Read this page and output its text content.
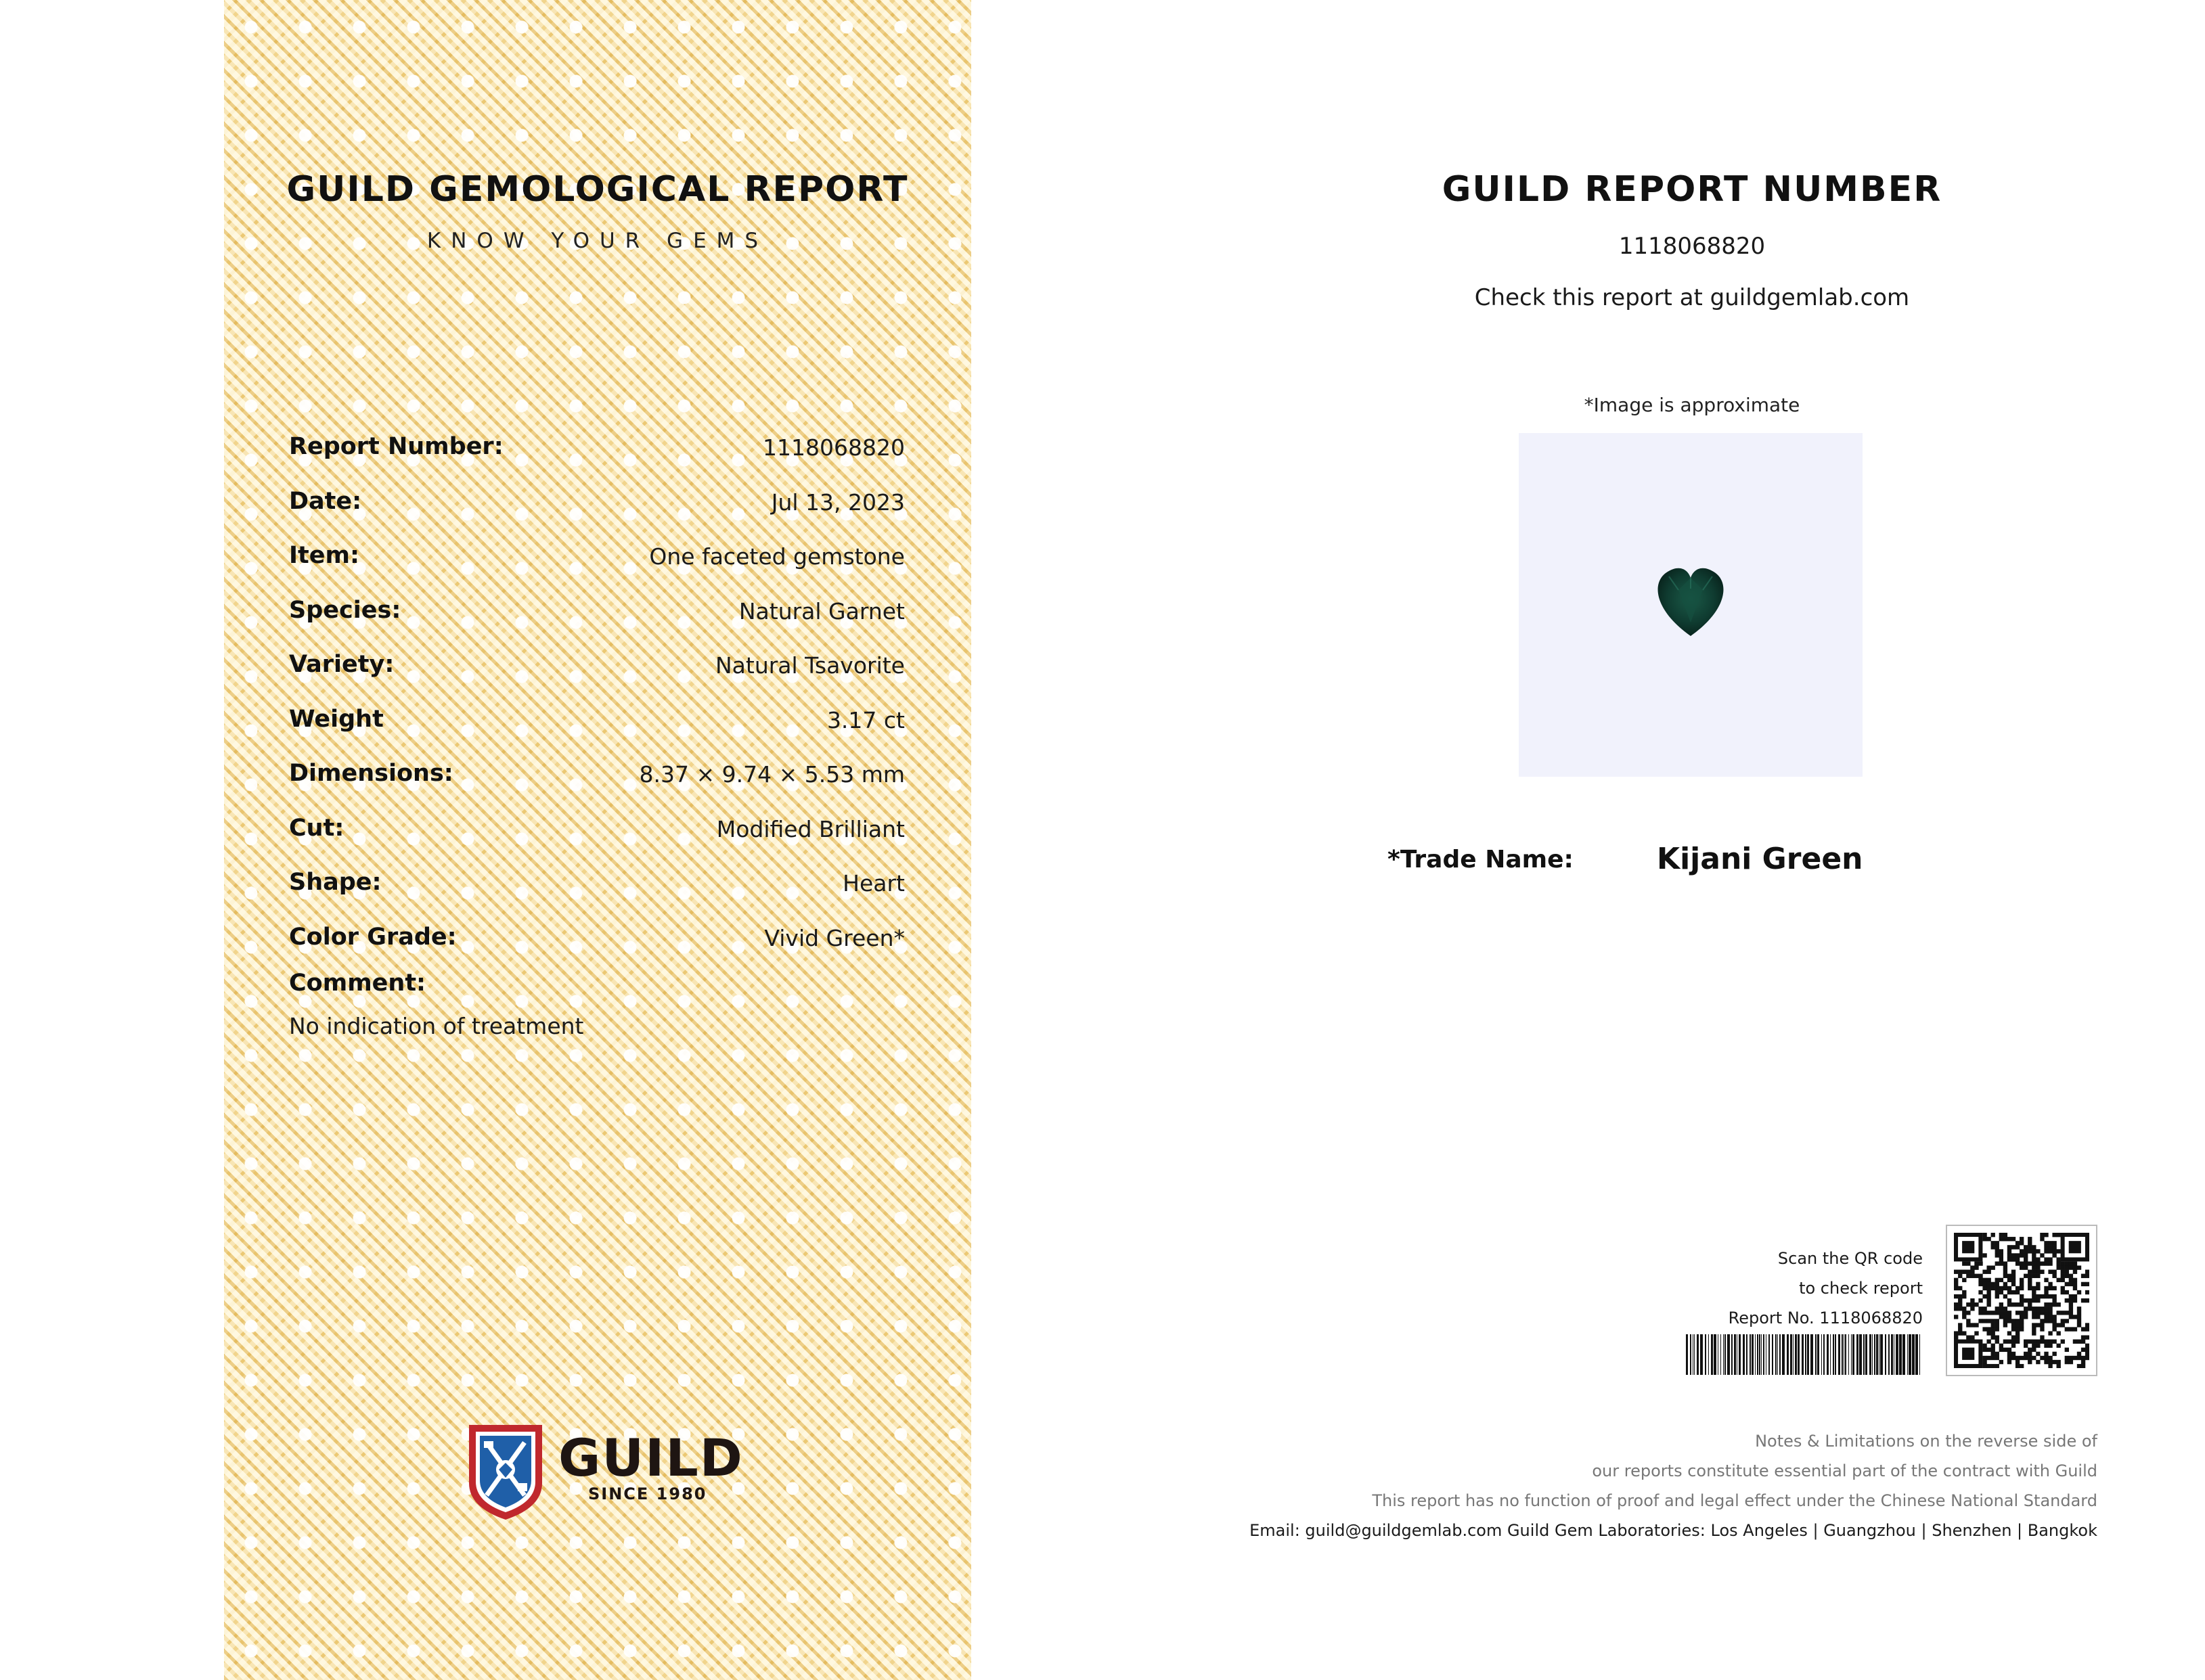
GUILD GEMOLOGICAL REPORT
KNOW YOUR GEMS
Report Number:	1118068820
Date:	Jul 13, 2023
Item:	One faceted gemstone
Species:	Natural Garnet
Variety:	Natural Tsavorite
Weight	3.17 ct
Dimensions:	8.37 × 9.74 × 5.53 mm
Cut:	Modified Brilliant
Shape:	Heart
Color Grade:	Vivid Green*
Comment:
No indication of treatment
GUILD
SINCE 1980
GUILD REPORT NUMBER
1118068820
Check this report at guildgemlab.com
*Image is approximate
*Trade Name:	Kijani Green
Scan the QR code
to check report
Report No. 1118068820
Notes & Limitations on the reverse side of
our reports constitute essential part of the contract with Guild
This report has no function of proof and legal effect under the Chinese National Standard
Email: guild@guildgemlab.com Guild Gem Laboratories: Los Angeles | Guangzhou | Shenzhen | Bangkok
